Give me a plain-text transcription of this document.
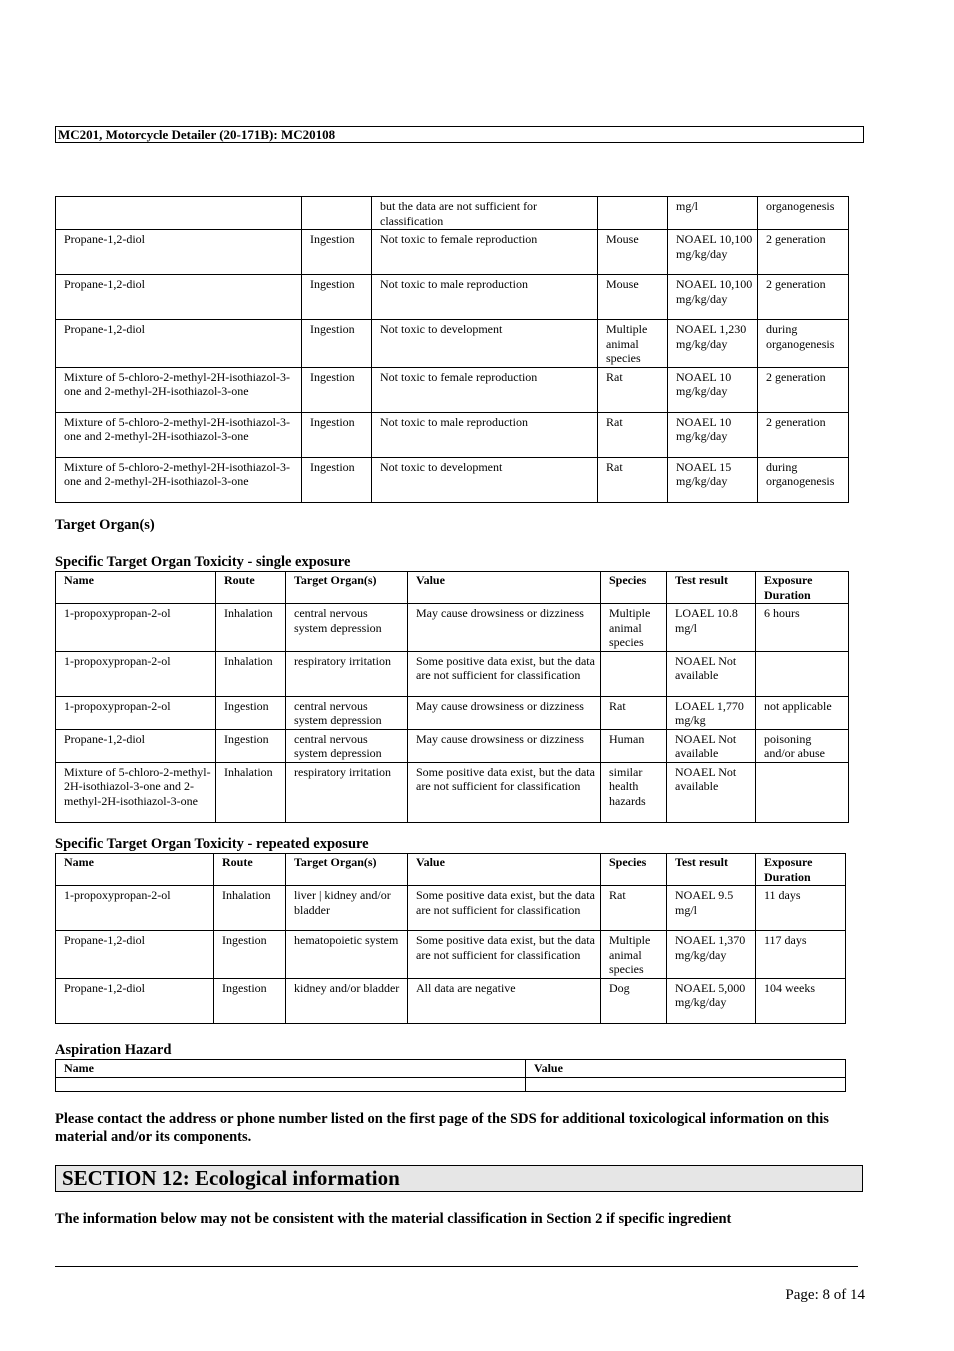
MC201, Motorcycle Detailer (20-171B): MC20108
		but the data are not sufficient for classification		mg/l	organogenesis
Propane-1,2-diol	Ingestion	Not toxic to female reproduction	Mouse	NOAEL 10,100 mg/kg/day	2 generation
Propane-1,2-diol	Ingestion	Not toxic to male reproduction	Mouse	NOAEL 10,100 mg/kg/day	2 generation
Propane-1,2-diol	Ingestion	Not toxic to development	Multiple animal species	NOAEL 1,230 mg/kg/day	during organogenesis
Mixture of 5-chloro-2-methyl-2H-isothiazol-3-one and 2-methyl-2H-isothiazol-3-one	Ingestion	Not toxic to female reproduction	Rat	NOAEL 10 mg/kg/day	2 generation
Mixture of 5-chloro-2-methyl-2H-isothiazol-3-one and 2-methyl-2H-isothiazol-3-one	Ingestion	Not toxic to male reproduction	Rat	NOAEL 10 mg/kg/day	2 generation
Mixture of 5-chloro-2-methyl-2H-isothiazol-3-one and 2-methyl-2H-isothiazol-3-one	Ingestion	Not toxic to development	Rat	NOAEL 15 mg/kg/day	during organogenesis
Target Organ(s)
Specific Target Organ Toxicity - single exposure
Name	Route	Target Organ(s)	Value	Species	Test result	Exposure Duration
1-propoxypropan-2-ol	Inhalation	central nervous system depression	May cause drowsiness or dizziness	Multiple animal species	LOAEL 10.8 mg/l	6 hours
1-propoxypropan-2-ol	Inhalation	respiratory irritation	Some positive data exist, but the data are not sufficient for classification		NOAEL Not available	
1-propoxypropan-2-ol	Ingestion	central nervous system depression	May cause drowsiness or dizziness	Rat	LOAEL 1,770 mg/kg	not applicable
Propane-1,2-diol	Ingestion	central nervous system depression	May cause drowsiness or dizziness	Human	NOAEL Not available	poisoning and/or abuse
Mixture of 5-chloro-2-methyl-2H-isothiazol-3-one and 2-methyl-2H-isothiazol-3-one	Inhalation	respiratory irritation	Some positive data exist, but the data are not sufficient for classification	similar health hazards	NOAEL Not available	
Specific Target Organ Toxicity - repeated exposure
Name	Route	Target Organ(s)	Value	Species	Test result	Exposure Duration
1-propoxypropan-2-ol	Inhalation	liver | kidney and/or bladder	Some positive data exist, but the data are not sufficient for classification	Rat	NOAEL 9.5 mg/l	11 days
Propane-1,2-diol	Ingestion	hematopoietic system	Some positive data exist, but the data are not sufficient for classification	Multiple animal species	NOAEL 1,370 mg/kg/day	117 days
Propane-1,2-diol	Ingestion	kidney and/or bladder	All data are negative	Dog	NOAEL 5,000 mg/kg/day	104 weeks
Aspiration Hazard
Name	Value

Please contact the address or phone number listed on the first page of the SDS for additional toxicological information on this material and/or its components.
SECTION 12: Ecological information
The information below may not be consistent with the material classification in Section 2 if specific ingredient
Page: 8 of 14
